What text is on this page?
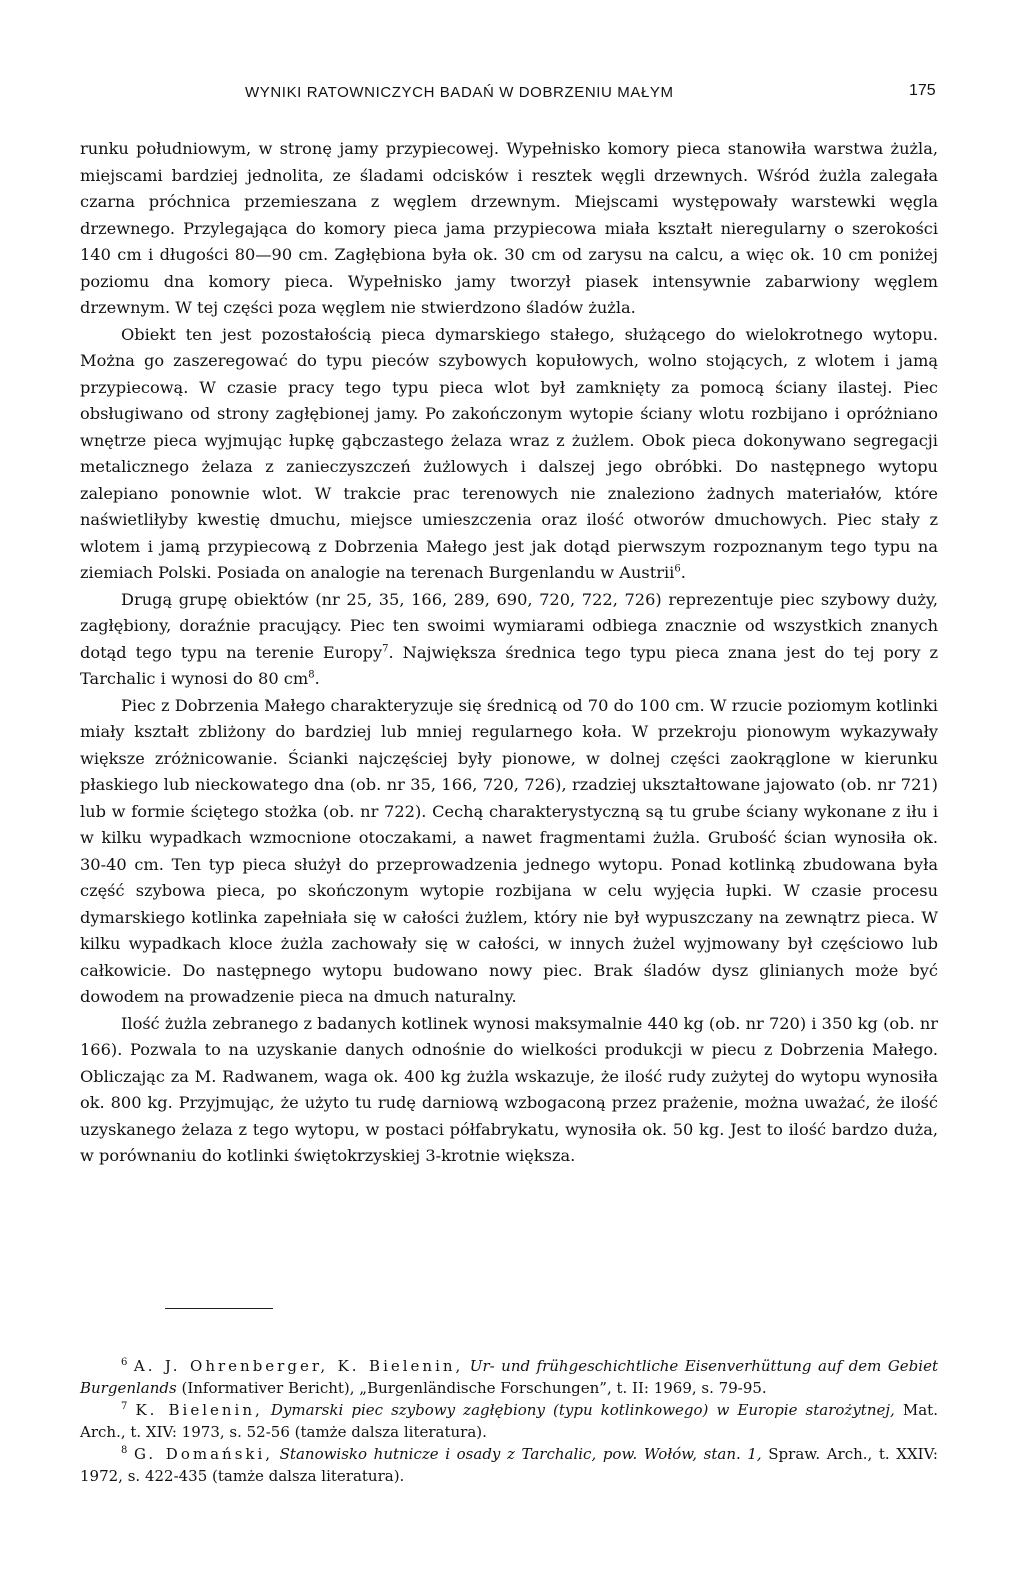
WYNIKI RATOWNICZYCH BADAŃ W DOBRZENIU MAŁYM	175

runku południowym, w stronę jamy przypiecowej. Wypełnisko komory pieca stanowiła warstwa żużla, miejscami bardziej jednolita, ze śladami odcisków i resztek węgli drzewnych. Wśród żużla zalegała czarna próchnica przemieszana z węglem drzewnym. Miejscami występowały warstewki węgla drzewnego. Przylegająca do komory pieca jama przypiecowa miała kształt nieregularny o szerokości 140 cm i długości 80—90 cm. Zagłębiona była ok. 30 cm od zarysu na calcu, a więc ok. 10 cm poniżej poziomu dna komory pieca. Wypełnisko jamy tworzył piasek intensywnie zabarwiony węglem drzewnym. W tej części poza węglem nie stwierdzono śladów żużla.

Obiekt ten jest pozostałością pieca dymarskiego stałego, służącego do wielokrotnego wytopu. Można go zaszeregować do typu pieców szybowych kopułowych, wolno stojących, z wlotem i jamą przypiecową. W czasie pracy tego typu pieca wlot był zamknięty za pomocą ściany ilastej. Piec obsługiwano od strony zagłębionej jamy. Po zakończonym wytopie ściany wlotu rozbijano i opróżniano wnętrze pieca wyjmując łupkę gąbczastego żelaza wraz z żużlem. Obok pieca dokonywano segregacji metalicznego żelaza z zanieczyszczeń żużlowych i dalszej jego obróbki. Do następnego wytopu zalepiano ponownie wlot. W trakcie prac terenowych nie znaleziono żadnych materiałów, które naświetliłyby kwestię dmuchu, miejsce umieszczenia oraz ilość otworów dmuchowych. Piec stały z wlotem i jamą przypiecową z Dobrzenia Małego jest jak dotąd pierwszym rozpoznanym tego typu na ziemiach Polski. Posiada on analogie na terenach Burgenlandu w Austrii$^6$.

Drugą grupę obiektów (nr 25, 35, 166, 289, 690, 720, 722, 726) reprezentuje piec szybowy duży, zagłębiony, doraźnie pracujący. Piec ten swoimi wymiarami odbiega znacznie od wszystkich znanych dotąd tego typu na terenie Europy$^7$. Największa średnica tego typu pieca znana jest do tej pory z Tarchalic i wynosi do 80 $cm^8$.

Piec z Dobrzenia Małego charakteryzuje się średnicą od 70 do 100 cm. W rzucie poziomym kotlinki miały kształt zbliżony do bardziej lub mniej regularnego koła. W przekroju pionowym wykazywały większe zróżnicowanie. Ścianki najczęściej były pionowe, w dolnej części zaokrąglone w kierunku płaskiego lub nieckowatego dna (ob. nr 35, 166, 720, 726), rzadziej ukształtowane jajowato (ob. nr 721) lub w formie ściętego stożka (ob. nr 722). Cechą charakterystyczną są tu grube ściany wykonane z iłu i w kilku wypadkach wzmocnione otoczakami, a nawet fragmentami żużla. Grubość ścian wynosiła ok. 30-40 cm. Ten typ pieca służył do przeprowadzenia jednego wytopu. Ponad kotlinką zbudowana była część szybowa pieca, po skończonym wytopie rozbijana w celu wyjęcia łupki. W czasie procesu dymarskiego kotlinka zapełniała się w całości żużlem, który nie był wypuszczany na zewnątrz pieca. W kilku wypadkach kloce żużla zachowały się w całości, w innych żużel wyjmowany był częściowo lub całkowicie. Do następnego wytopu budowano nowy piec. Brak śladów dysz glinianych może być dowodem na prowadzenie pieca na dmuch naturalny.

Ilość żużla zebranego z badanych kotlinek wynosi maksymalnie 440 kg (ob. nr 720) i 350 kg (ob. nr 166). Pozwala to na uzyskanie danych odnośnie do wielkości produkcji w piecu z Dobrzenia Małego. Obliczając za M. Radwanem, waga ok. 400 kg żużla wskazuje, że ilość rudy zużytej do wytopu wynosiła ok. 800 kg. Przyjmując, że użyto tu rudę darniową wzbogaconą przez prażenie, można uważać, że ilość uzyskanego żelaza z tego wytopu, w postaci półfabrykatu, wynosiła ok. 50 kg. Jest to ilość bardzo duża, w porównaniu do kotlinki świętokrzyskiej 3-krotnie większa.

$^6$ A. J. Ohrenberger, K. Bielenin, Ur- und frühgeschichtliche Eisenverhüttung auf dem Gebiet Burgenlands (Informativer Bericht), „Burgenländische Forschungen”, t. II: 1969, s. 79-95.

$^7$ K. Bielenin, Dymarski piec szybowy zagłębiony (typu kotlinkowego) w Europie starożytnej, Mat. Arch., t. XIV: 1973, s. 52-56 (tamże dalsza literatura).

$^8$ G. Domański, Stanowisko hutnicze i osady z Tarchalic, pow. Wołów, stan. 1, Spraw. Arch., t. XXIV: 1972, s. 422-435 (tamże dalsza literatura).
